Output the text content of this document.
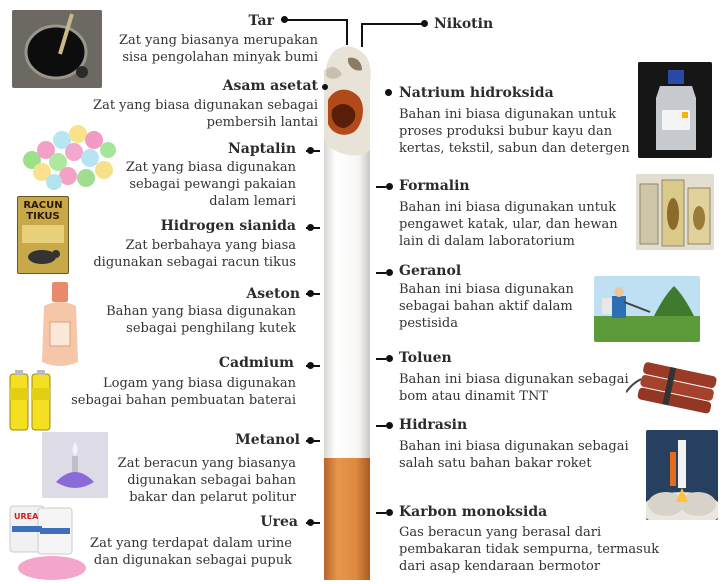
Tar
Zat yang biasanya merupakan sisa pengolahan minyak bumi
Asam asetat
Zat yang biasa digunakan sebagai pembersih lantai
Naptalin
Zat yang biasa digunakan sebagai pewangi pakaian dalam lemari
Hidrogen sianida
Zat berbahaya yang biasa digunakan sebagai racun tikus
RACUN TIKUS
Aseton
Bahan yang biasa digunakan sebagai penghilang kutek
Cadmium
Logam yang biasa digunakan sebagai bahan pembuatan baterai
Metanol
Zat beracun yang biasanya digunakan sebagai bahan bakar dan pelarut politur
Urea
Zat yang terdapat dalam urine dan digunakan sebagai pupuk
UREA
Nikotin
Natrium hidroksida
Bahan ini biasa digunakan untuk proses produksi bubur kayu dan kertas, tekstil, sabun dan detergen
Formalin
Bahan ini biasa digunakan untuk pengawet katak, ular, dan hewan lain di dalam laboratorium
Geranol
Bahan ini biasa digunakan sebagai bahan aktif dalam pestisida
Toluen
Bahan ini biasa digunakan sebagai bom atau dinamit TNT
Hidrasin
Bahan ini biasa digunakan sebagai salah satu bahan bakar roket
Karbon monoksida
Gas beracun yang berasal dari pembakaran tidak sempurna, termasuk dari asap kendaraan bermotor
